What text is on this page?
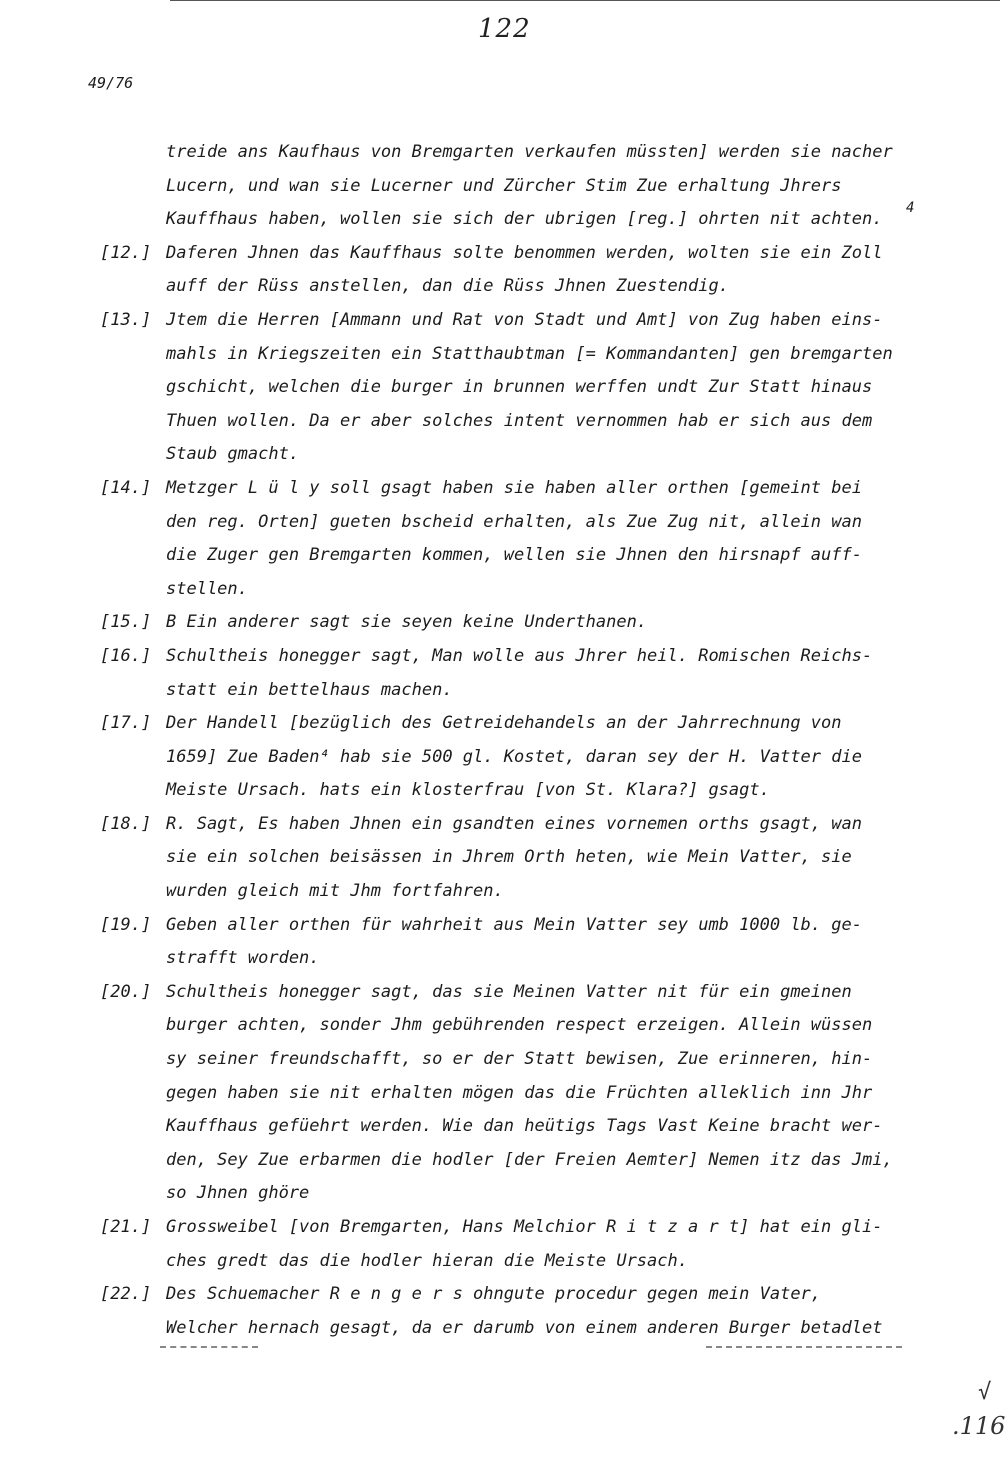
122
49/76
treide ans Kaufhaus von Bremgarten verkaufen müssten] werden sie nacher
Lucern, und wan sie Lucerner und Zürcher Stim Zue erhaltung Jhrers
Kauffhaus haben, wollen sie sich der ubrigen [reg.] ohrten nit achten.
[12.] Daferen Jhnen das Kauffhaus solte benommen werden, wolten sie ein Zoll
auff der Rüss anstellen, dan die Rüss Jhnen Zuestendig.
[13.] Jtem die Herren [Ammann und Rat von Stadt und Amt] von Zug haben eins-
mahls in Kriegszeiten ein Statthaubtman [= Kommandanten] gen bremgarten
gschicht, welchen die burger in brunnen werffen undt Zur Statt hinaus
Thuen wollen. Da er aber solches intent vernommen hab er sich aus dem
Staub gmacht.
[14.] Metzger L ü l y soll gsagt haben sie haben aller orthen [gemeint bei
den reg. Orten] gueten bscheid erhalten, als Zue Zug nit, allein wan
die Zuger gen Bremgarten kommen, wellen sie Jhnen den hirsnapf auff-
stellen.
[15.] B Ein anderer sagt sie seyen keine Underthanen.
[16.] Schultheis honegger sagt, Man wolle aus Jhrer heil. Romischen Reichs-
statt ein bettelhaus machen.
[17.] Der Handell [bezüglich des Getreidehandels an der Jahrrechnung von
1659] Zue Baden⁴ hab sie 500 gl. Kostet, daran sey der H. Vatter die
Meiste Ursach. hats ein klosterfrau [von St. Klara?] gsagt.
[18.] R. Sagt, Es haben Jhnen ein gsandten eines vornemen orths gsagt, wan
sie ein solchen beisässen in Jhrem Orth heten, wie Mein Vatter, sie
wurden gleich mit Jhm fortfahren.
[19.] Geben aller orthen für wahrheit aus Mein Vatter sey umb 1000 lb. ge-
strafft worden.
[20.] Schultheis honegger sagt, das sie Meinen Vatter nit für ein gmeinen
burger achten, sonder Jhm gebührenden respect erzeigen. Allein wüssen
sy seiner freundschafft, so er der Statt bewisen, Zue erinneren, hin-
gegen haben sie nit erhalten mögen das die Früchten alleklich inn Jhr
Kauffhaus gefüehrt werden. Wie dan heütigs Tags Vast Keine bracht wer-
den, Sey Zue erbarmen die hodler [der Freien Aemter] Nemen itz das Jmi,
so Jhnen ghöre
[21.] Grossweibel [von Bremgarten, Hans Melchior R i t z a r t] hat ein gli-
ches gredt das die hodler hieran die Meiste Ursach.
[22.] Des Schuemacher R e n g e r s ohngute procedur gegen mein Vater,
Welcher hernach gesagt, da er darumb von einem anderen Burger betadlet
4
√
.116
